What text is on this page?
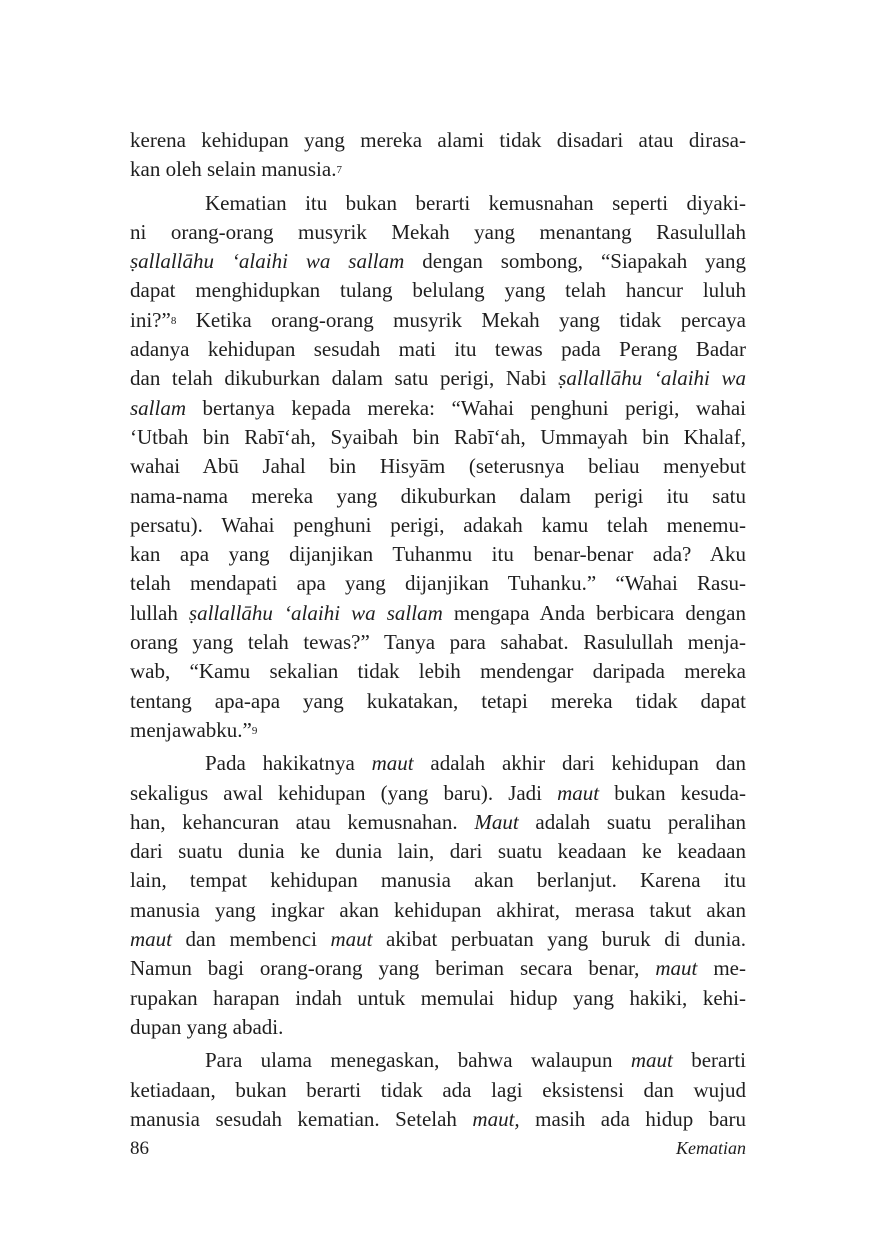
kerena kehidupan yang mereka alami tidak disadari atau dirasa-
kan oleh selain manusia.$^7$
Kematian itu bukan berarti kemusnahan seperti diyaki-
ni orang-orang musyrik Mekah yang menantang Rasulullah
ṣallallāhu ‘alaihi wa sallam dengan sombong, “Siapakah yang
dapat menghidupkan tulang belulang yang telah hancur luluh
ini?”$^8$ Ketika orang-orang musyrik Mekah yang tidak percaya
adanya kehidupan sesudah mati itu tewas pada Perang Badar
dan telah dikuburkan dalam satu perigi, Nabi ṣallallāhu ‘alaihi wa
sallam bertanya kepada mereka: “Wahai penghuni perigi, wahai
‘Utbah bin Rabī‘ah, Syaibah bin Rabī‘ah, Ummayah bin Khalaf,
wahai Abū Jahal bin Hisyām (seterusnya beliau menyebut
nama-nama mereka yang dikuburkan dalam perigi itu satu
persatu). Wahai penghuni perigi, adakah kamu telah menemu-
kan apa yang dijanjikan Tuhanmu itu benar-benar ada? Aku
telah mendapati apa yang dijanjikan Tuhanku.” “Wahai Rasu-
lullah ṣallallāhu ‘alaihi wa sallam mengapa Anda berbicara dengan
orang yang telah tewas?” Tanya para sahabat. Rasulullah menja-
wab, “Kamu sekalian tidak lebih mendengar daripada mereka
tentang apa-apa yang kukatakan, tetapi mereka tidak dapat
menjawabku.”$^9$
Pada hakikatnya maut adalah akhir dari kehidupan dan
sekaligus awal kehidupan (yang baru). Jadi maut bukan kesuda-
han, kehancuran atau kemusnahan. Maut adalah suatu peralihan
dari suatu dunia ke dunia lain, dari suatu keadaan ke keadaan
lain, tempat kehidupan manusia akan berlanjut. Karena itu
manusia yang ingkar akan kehidupan akhirat, merasa takut akan
maut dan membenci maut akibat perbuatan yang buruk di dunia.
Namun bagi orang-orang yang beriman secara benar, maut me-
rupakan harapan indah untuk memulai hidup yang hakiki, kehi-
dupan yang abadi.
Para ulama menegaskan, bahwa walaupun maut berarti
ketiadaan, bukan berarti tidak ada lagi eksistensi dan wujud
manusia sesudah kematian. Setelah maut, masih ada hidup baru
86	Kematian
